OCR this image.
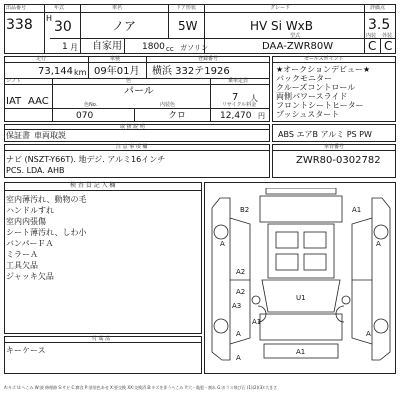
出品番号
338
年式
H
30
1 月
車名
ノア
ドア形状
5W
グレード
HV Si WxB
評価点
3.5
自家用 1800 cc ガソリン
型式
DAA-ZWR80W
内装 外装
C C
走行
73,144 km
車検
09年01月
登録番号
横浜 332テ1926
シフト	色	乗車定員
パール
7 人
IAT AAC	色No.	内装色	リサイクル料金
070	クロ	12,470 円
セールスポイント
★オークションデビュー★
バックモニター
クルーズコントロール
両側パワースライド
フロントシートヒーター
プッシュスタート
取 扱 説 明
保証書 車両取説	ABS エアB アルミ PS PW
注 意 事 項 欄
ナビ (NSZT-Y66T). 地デジ. アルミ16インチ
PCS. LDA. AHB
車台番号
ZWR80-0302782
検 査 員 記 入 欄
室内薄汚れ、動物の毛
ハンドルすれ
室内内張傷
シート薄汚れ、しわ小
バンパーＦＡ
ミラーＡ
工具欠品
ジャッキ欠品
付 属 品
キーケース
B2	A1
A	A
A2
A2
A3
A1
U1
A	A
A1
A
A:キズ U:へこみ W:波 修理跡 S:サビ C:腐食 P:塗装色あせ X:要交換 XX:交換済 B:キズを伴うへこみ Y:穴・亀裂・割れ G:ガラス飛び石 (1)(2)(3):大きさ
